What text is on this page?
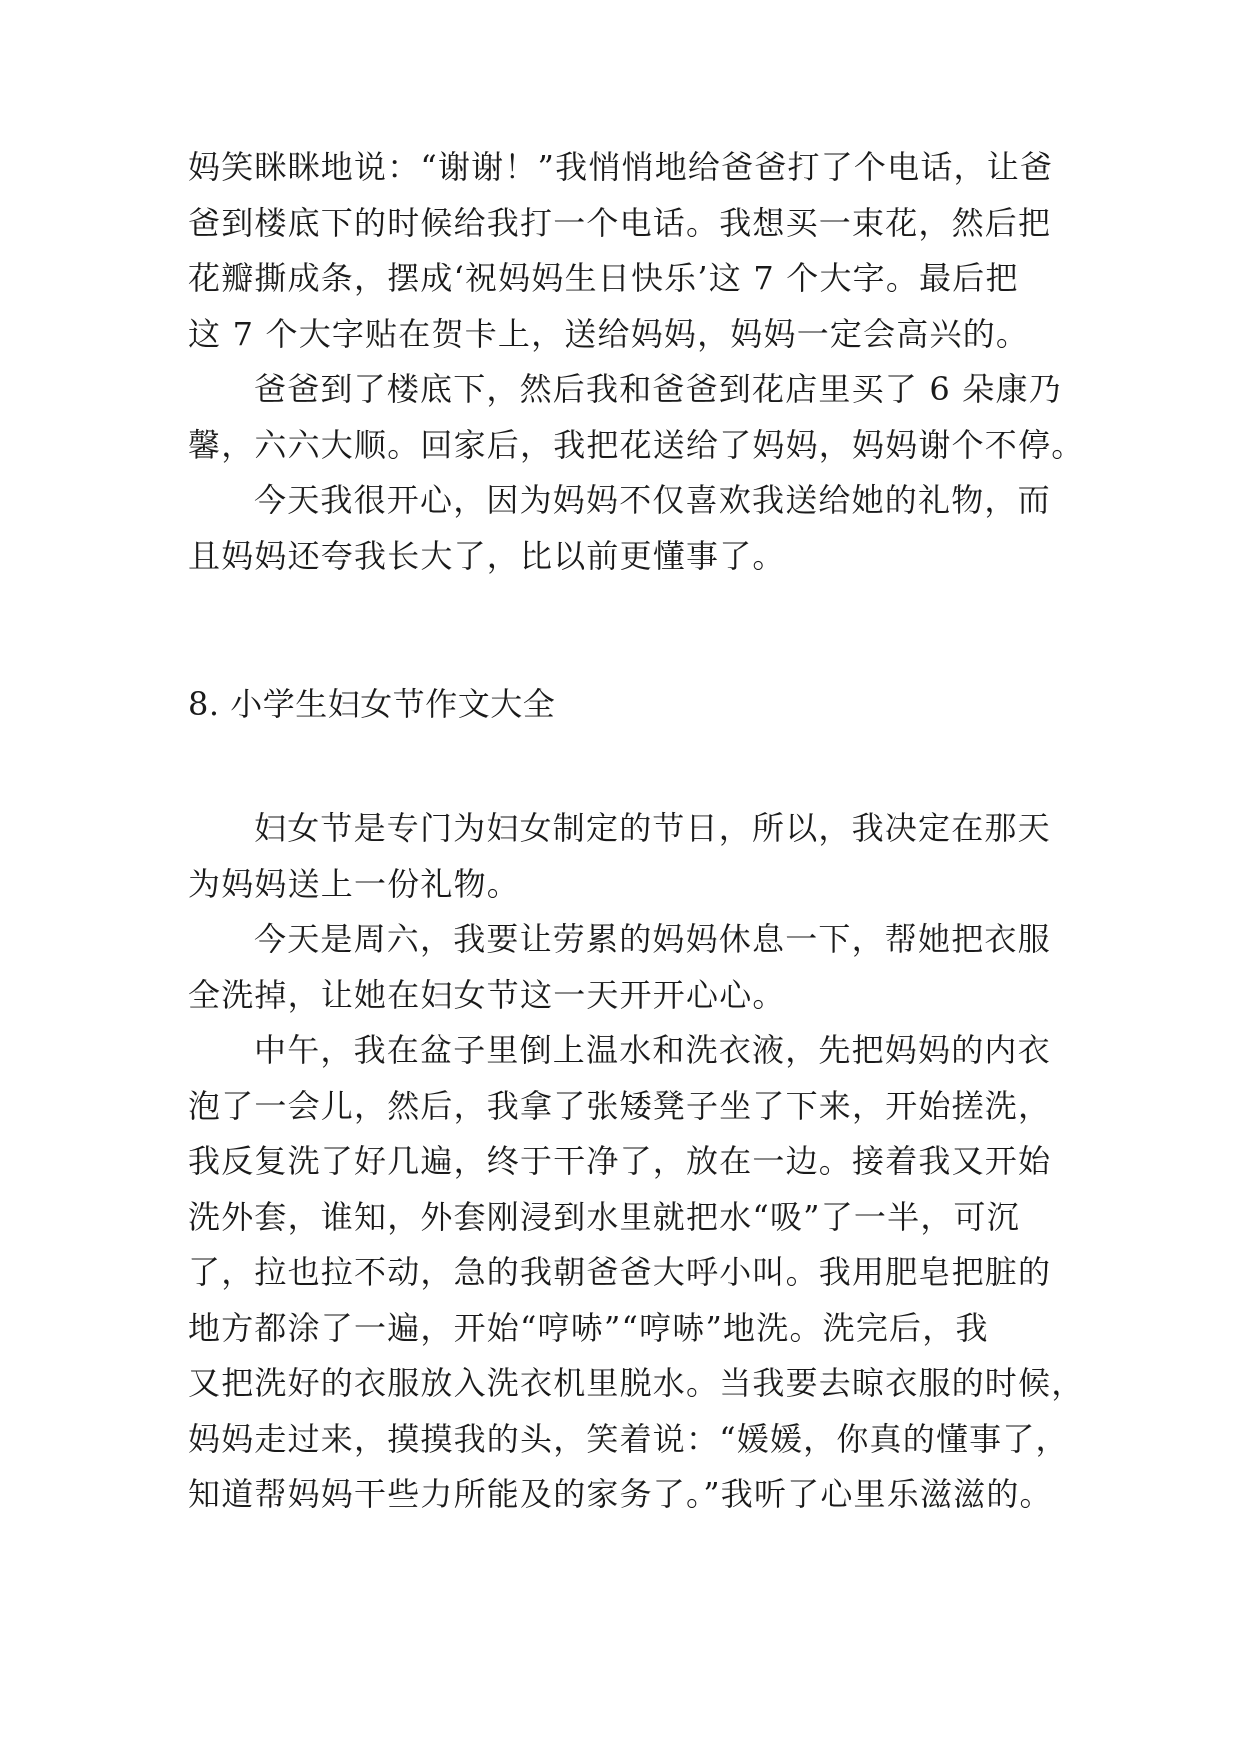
妈笑眯眯地说：“谢谢！”我悄悄地给爸爸打了个电话，让爸
爸到楼底下的时候给我打一个电话。我想买一束花，然后把
花瓣撕成条，摆成‘祝妈妈生日快乐’这 7 个大字。最后把
这 7 个大字贴在贺卡上，送给妈妈，妈妈一定会高兴的。
爸爸到了楼底下，然后我和爸爸到花店里买了 6 朵康乃
馨，六六大顺。回家后，我把花送给了妈妈，妈妈谢个不停。
今天我很开心，因为妈妈不仅喜欢我送给她的礼物，而
且妈妈还夸我长大了，比以前更懂事了。
8. 小学生妇女节作文大全
妇女节是专门为妇女制定的节日，所以，我决定在那天
为妈妈送上一份礼物。
今天是周六，我要让劳累的妈妈休息一下，帮她把衣服
全洗掉，让她在妇女节这一天开开心心。
中午，我在盆子里倒上温水和洗衣液，先把妈妈的内衣
泡了一会儿，然后，我拿了张矮凳子坐了下来，开始搓洗，
我反复洗了好几遍，终于干净了，放在一边。接着我又开始
洗外套，谁知，外套刚浸到水里就把水“吸”了一半，可沉
了，拉也拉不动，急的我朝爸爸大呼小叫。我用肥皂把脏的
地方都涂了一遍，开始“哼哧”“哼哧”地洗。洗完后，我
又把洗好的衣服放入洗衣机里脱水。当我要去晾衣服的时候，
妈妈走过来，摸摸我的头，笑着说：“媛媛，你真的懂事了，
知道帮妈妈干些力所能及的家务了。”我听了心里乐滋滋的。
